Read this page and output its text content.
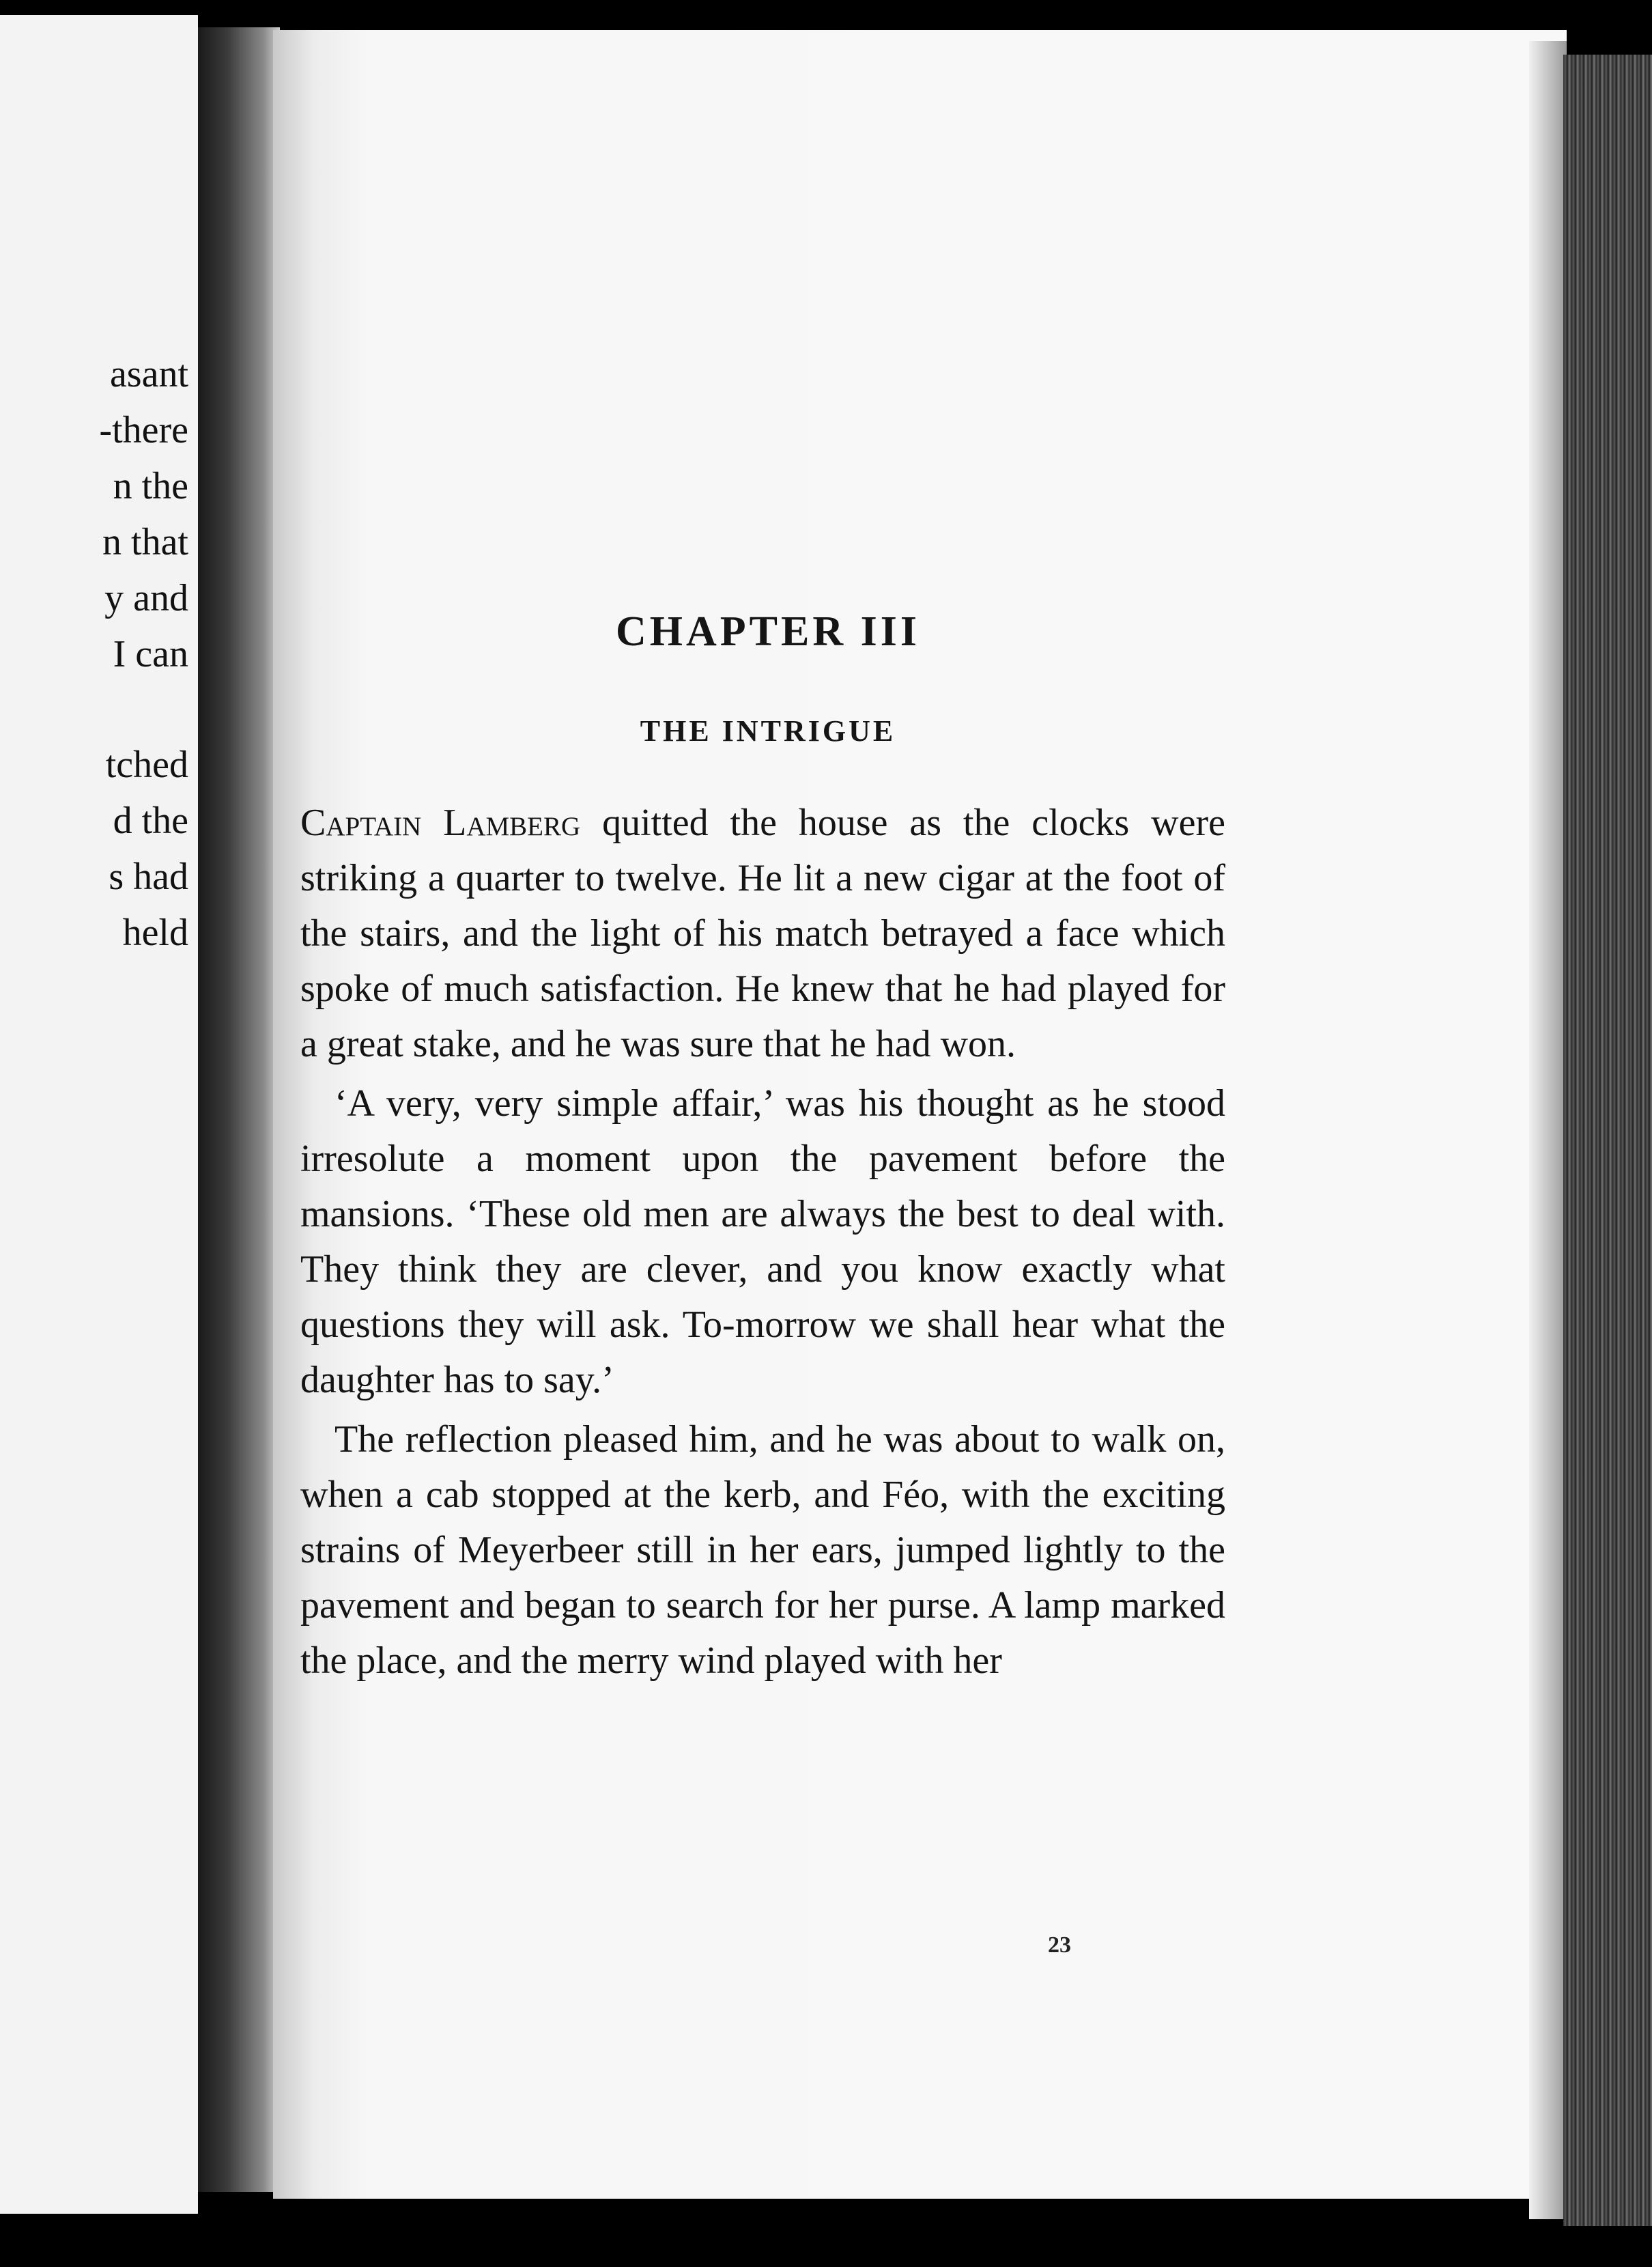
asant

-there

n the

n that

y and

I can

tched

d the

s had

held

CHAPTER III
THE INTRIGUE

Captain Lamberg quitted the house as the clocks were striking a quarter to twelve. He lit a new cigar at the foot of the stairs, and the light of his match betrayed a face which spoke of much satisfaction. He knew that he had played for a great stake, and he was sure that he had won.

‘A very, very simple affair,’ was his thought as he stood irresolute a moment upon the pavement before the mansions. ‘These old men are always the best to deal with. They think they are clever, and you know exactly what questions they will ask. To-morrow we shall hear what the daughter has to say.’

The reflection pleased him, and he was about to walk on, when a cab stopped at the kerb, and Féo, with the exciting strains of Meyerbeer still in her ears, jumped lightly to the pavement and began to search for her purse. A lamp marked the place, and the merry wind played with her

23
